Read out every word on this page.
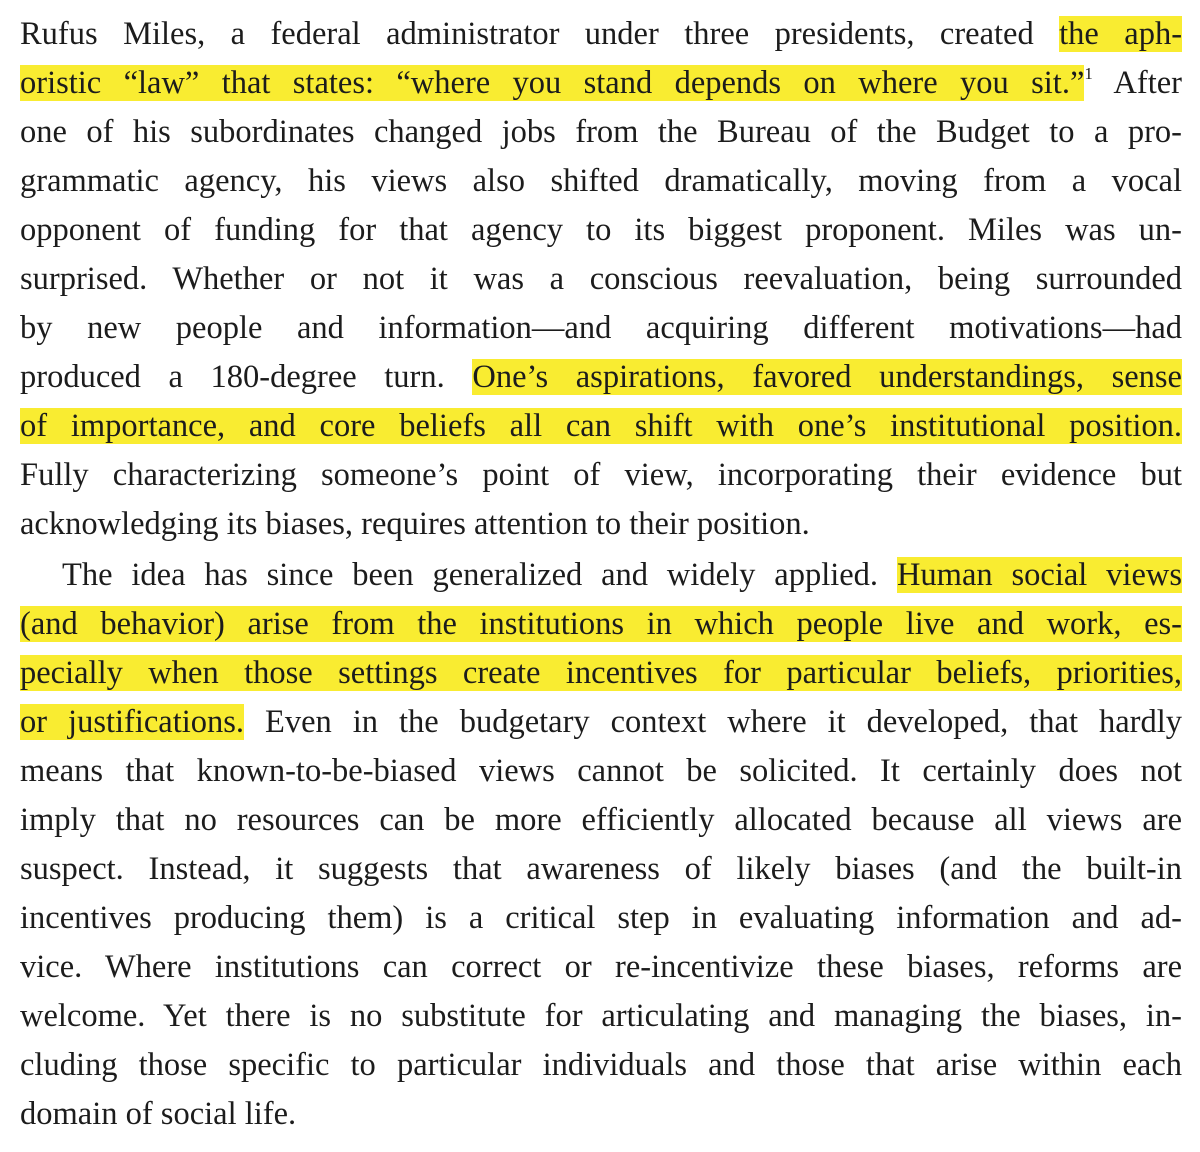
Rufus Miles, a federal administrator under three presidents, created the aph-
oristic “law” that states: “where you stand depends on where you sit.”$^1$ After
one of his subordinates changed jobs from the Bureau of the Budget to a pro-
grammatic agency, his views also shifted dramatically, moving from a vocal
opponent of funding for that agency to its biggest proponent. Miles was un-
surprised. Whether or not it was a conscious reevaluation, being surrounded
by new people and information—and acquiring different motivations—had
produced a 180-degree turn. One’s aspirations, favored understandings, sense
of importance, and core beliefs all can shift with one’s institutional position.
Fully characterizing someone’s point of view, incorporating their evidence but
acknowledging its biases, requires attention to their position.
The idea has since been generalized and widely applied. Human social views
(and behavior) arise from the institutions in which people live and work, es-
pecially when those settings create incentives for particular beliefs, priorities,
or justifications. Even in the budgetary context where it developed, that hardly
means that known-to-be-biased views cannot be solicited. It certainly does not
imply that no resources can be more efficiently allocated because all views are
suspect. Instead, it suggests that awareness of likely biases (and the built-in
incentives producing them) is a critical step in evaluating information and ad-
vice. Where institutions can correct or re-incentivize these biases, reforms are
welcome. Yet there is no substitute for articulating and managing the biases, in-
cluding those specific to particular individuals and those that arise within each
domain of social life.
